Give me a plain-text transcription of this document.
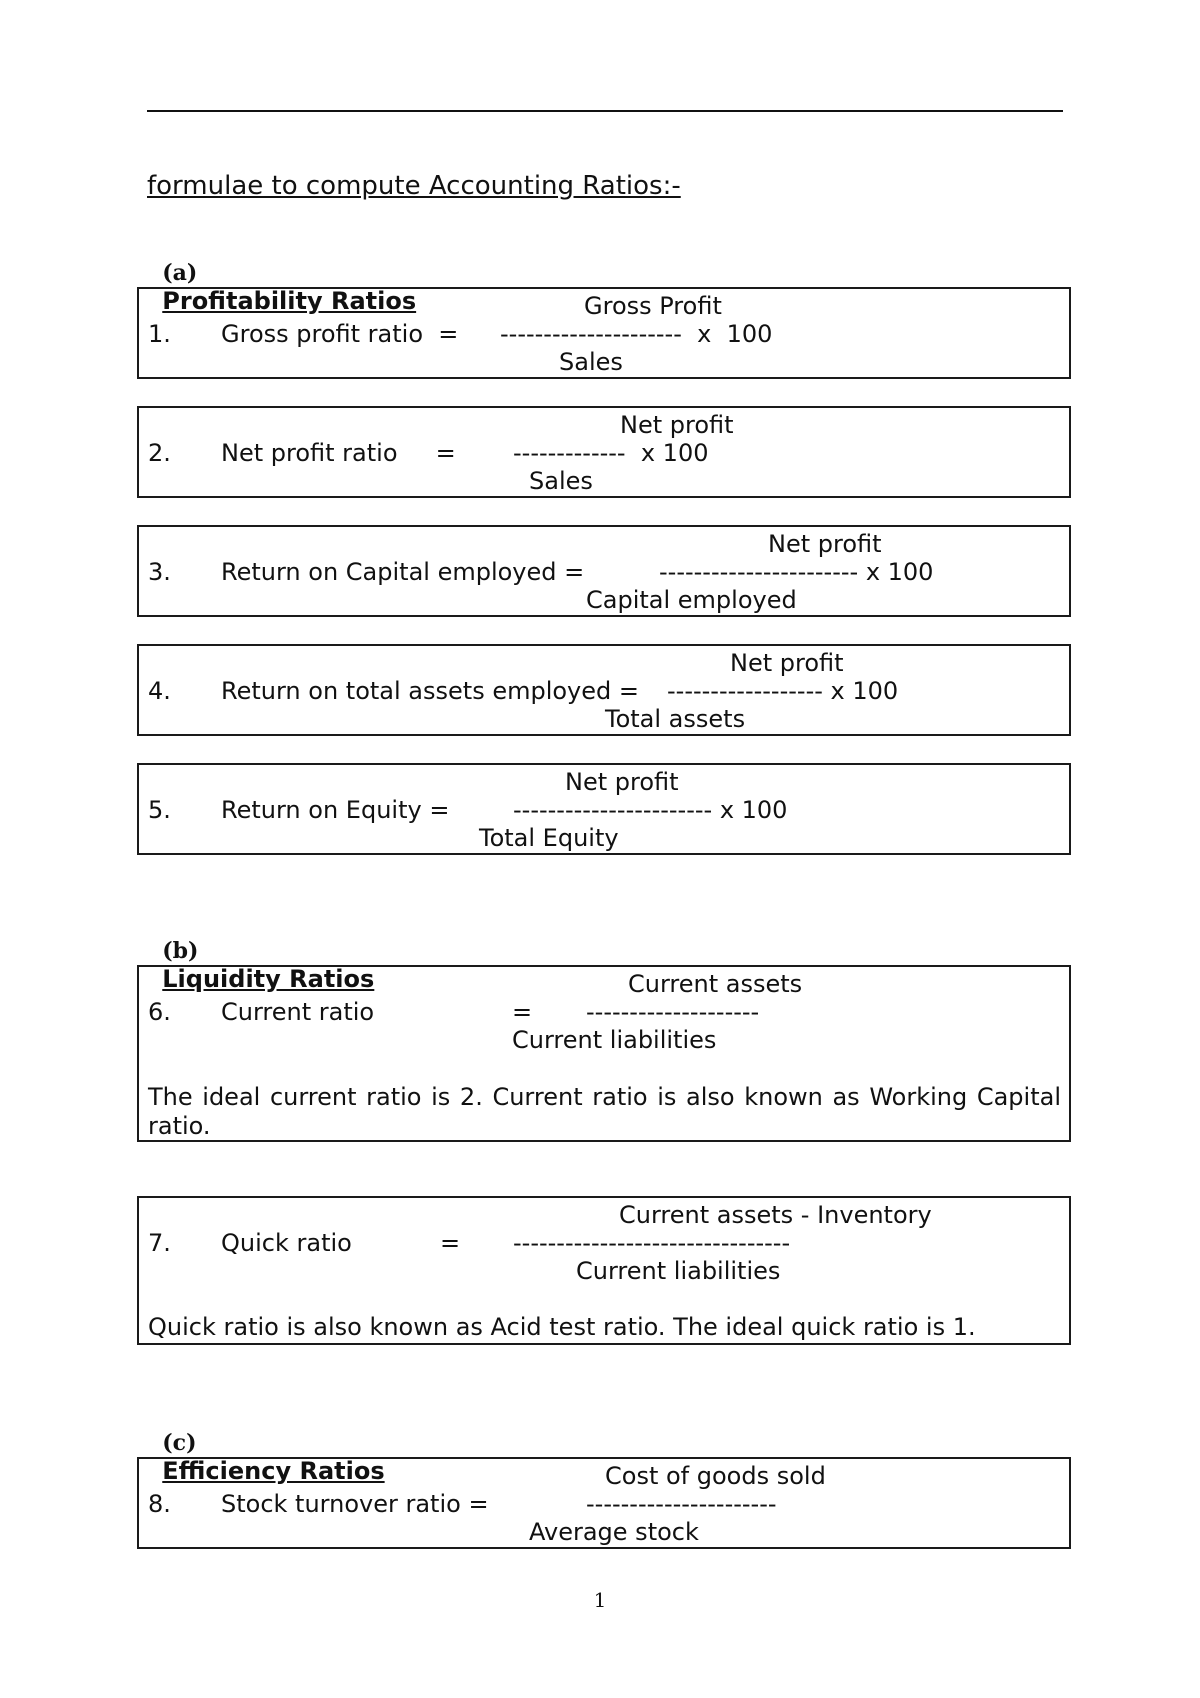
formulae to compute Accounting Ratios:-

(a)
Profitability Ratios	Gross Profit
1. Gross profit ratio  = ---------------------  x  100
Sales
Net profit
2. Net profit ratio     = -------------  x 100
Sales
Net profit
3. Return on Capital employed =	----------------------- x 100
Capital employed
Net profit
4. Return on total assets employed = ------------------ x 100
Total assets
Net profit
5. Return on Equity =	----------------------- x 100
Total Equity

(b)
Liquidity Ratios	Current assets
6. Current ratio	= --------------------
Current liabilities
The ideal current ratio is 2. Current ratio is also known as Working Capital ratio.
Current assets - Inventory
7. Quick ratio	= --------------------------------
Current liabilities
Quick ratio is also known as Acid test ratio. The ideal quick ratio is 1.

(c)
Efficiency Ratios	Cost of goods sold
8. Stock turnover ratio =	----------------------
Average stock
1
